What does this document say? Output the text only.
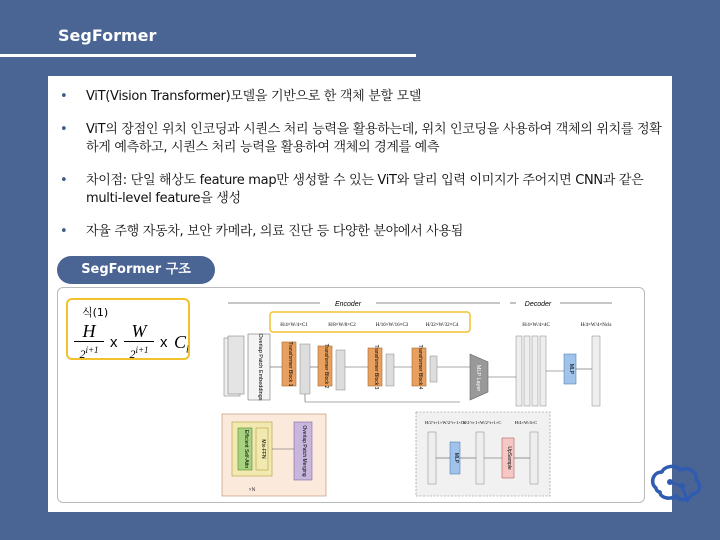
SegFormer
• ViT(Vision Transformer)모델을 기반으로 한 객체 분할 모델
• ViT의 장점인 위치 인코딩과 시퀀스 처리 능력을 활용하는데, 위치 인코딩을 사용하여 객체의 위치를 정확하게 예측하고, 시퀀스 처리 능력을 활용하여 객체의 경계를 예측
• 차이점: 단일 해상도 feature map만 생성할 수 있는 ViT와 달리 입력 이미지가 주어지면 CNN과 같은 multi-level feature을 생성
• 자율 주행 자동차, 보안 카메라, 의료 진단 등 다양한 분야에서 사용됨
SegFormer 구조
식(1)
H
$2^{i+1}$ x
W
$2^{i+1}$ x $C_i$
Encoder	Decoder
H/4×W/4×C1	H/8×W/8×C2	H/16×W/16×C3	H/32×W/32×C4	H/4×W/4×4C	H/4×W/4×Ncls
Overlap Patch Embeddings	Transformer Block 1	Transformer Block 2	Transformer Block 3	Transformer Block 4	MLP Layer	MLP
Efficient Self-Attn Mix-FFN	Overlap Patch Merging
×N
H/2^i+1×W/2^i+1×Ci
H/2^i+1×W/2^i+1×C	H/4×W/4×C
MLP	UpSample
